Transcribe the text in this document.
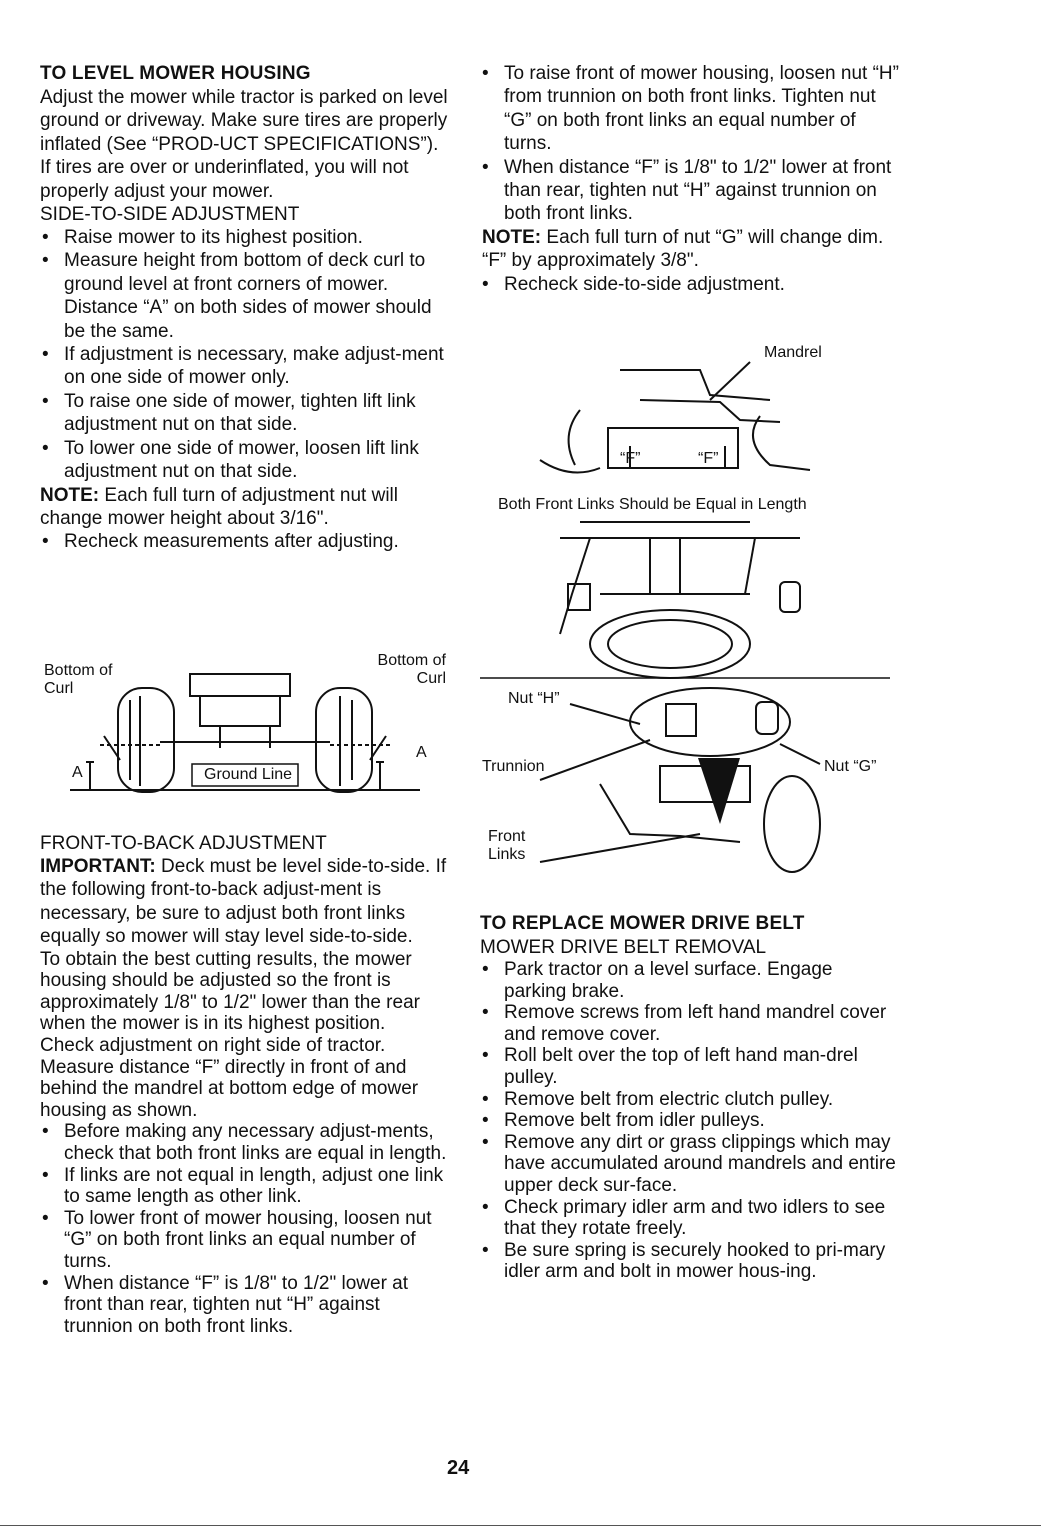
TO LEVEL MOWER HOUSING

Adjust the mower while tractor is parked on level ground or driveway. Make sure tires are properly inflated (See “PROD-UCT SPECIFICATIONS”). If tires are over or underinflated, you will not properly adjust your mower.

SIDE-TO-SIDE ADJUSTMENT
• Raise mower to its highest position.
• Measure height from bottom of deck curl to ground level at front corners of mower. Distance “A” on both sides of mower should be the same.
• If adjustment is necessary, make adjust-ment on one side of mower only.
• To raise one side of mower, tighten lift link adjustment nut on that side.
• To lower one side of mower, loosen lift link adjustment nut on that side.

NOTE: Each full turn of adjustment nut will change mower height about 3/16".

• Recheck measurements after adjusting.
Bottom of Curl
Bottom of Curl
Ground Line
A
A
FRONT-TO-BACK ADJUSTMENT

IMPORTANT: Deck must be level side-to-side. If the following front-to-back adjust-ment is necessary, be sure to adjust both front links equally so mower will stay level side-to-side.

To obtain the best cutting results, the mower housing should be adjusted so the front is approximately 1/8" to 1/2" lower than the rear when the mower is in its highest position.

Check adjustment on right side of tractor. Measure distance “F” directly in front of and behind the mandrel at bottom edge of mower housing as shown.

• Before making any necessary adjust-ments, check that both front links are equal in length.
• If links are not equal in length, adjust one link to same length as other link.
• To lower front of mower housing, loosen nut “G” on both front links an equal number of turns.
• When distance “F” is 1/8" to 1/2" lower at front than rear, tighten nut “H” against trunnion on both front links.
• To raise front of mower housing, loosen nut “H” from trunnion on both front links. Tighten nut “G” on both front links an equal number of turns.
• When distance “F” is 1/8" to 1/2" lower at front than rear, tighten nut “H” against trunnion on both front links.

NOTE: Each full turn of nut “G” will change dim. “F” by approximately 3/8".

• Recheck side-to-side adjustment.
Mandrel
“F”	“F”
Both Front Links Should be Equal in Length
Nut “H”
Trunnion	Nut “G”
Front Links
TO REPLACE MOWER DRIVE BELT
MOWER DRIVE BELT REMOVAL
• Park tractor on a level surface. Engage parking brake.
• Remove screws from left hand mandrel cover and remove cover.
• Roll belt over the top of left hand man-drel pulley.
• Remove belt from electric clutch pulley.
• Remove belt from idler pulleys.
• Remove any dirt or grass clippings which may have accumulated around mandrels and entire upper deck sur-face.
• Check primary idler arm and two idlers to see that they rotate freely.
• Be sure spring is securely hooked to pri-mary idler arm and bolt in mower hous-ing.
24
